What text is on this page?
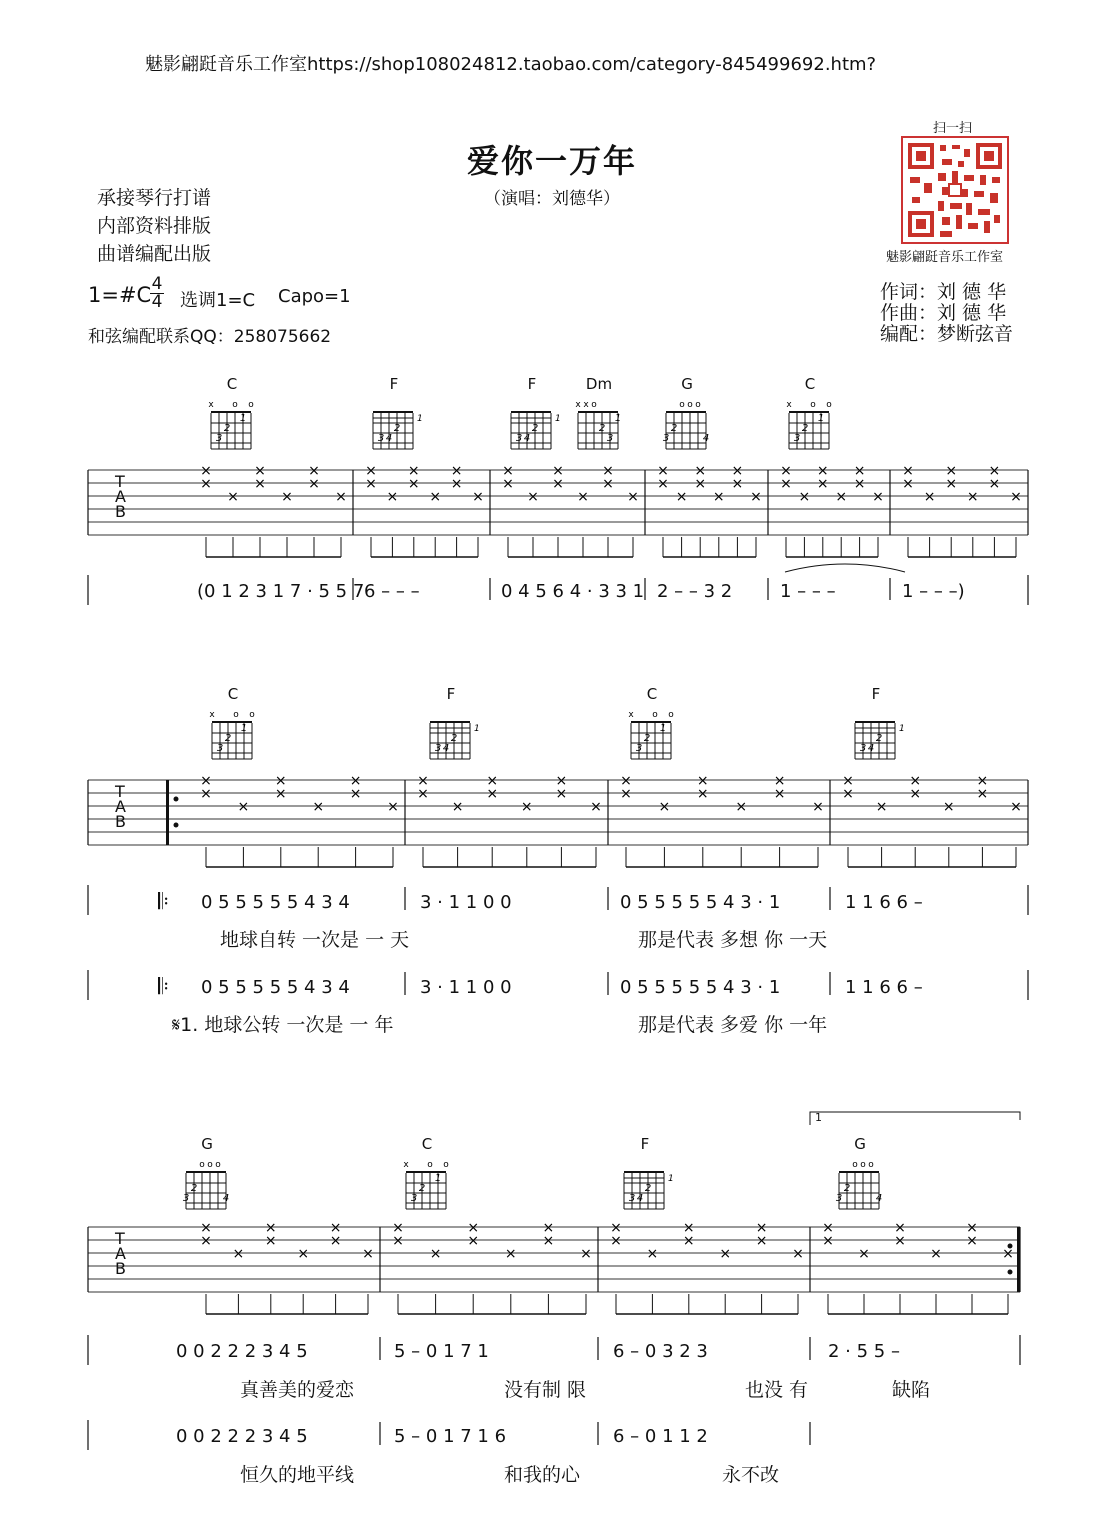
魅影翩跹音乐工作室https://shop108024812.taobao.com/category-845499692.htm?
爱你一万年
（演唱：刘德华）
承接琴行打谱
内部资料排版
曲谱编配出版
1=#C 4
4 选调1=C Capo=1
和弦编配联系QQ：258075662
扫一扫
魅影翩跹音乐工作室
作词：刘 德 华
作曲：刘 德 华
编配：梦断弦音
C
x o o
1
2
3
F
1
3 4
2
F
1
3 4
2
Dm
x x o
2
3
1
G
o o o
3
2
4
C
x o o
1
2
3
C
x o o
1
2
3
F
1
3 4
2
C
x o o
1
2
3
F
1
3 4
2
G
o o o
3
2
4
C
x o o
1
2
3
F
1
3 4
2
G
o o o
3
2
4
×
×
×
×
×
×
×
×
×
×
×
×
×
×
×
×
×
×
×
×
×
×
×
×
×
×
×
×
×
×
×
×
×
×
×
×
×
×
×
×
×
×
×
×
×
×
×
×
×
×
×
×
×
×
×
×
×
×
×
×
×
×
×
×
×
×
×
×
×
×
×
×
×
×
×
×
×
×
×
×
×
×
×
×
×
×
×
×
×
×
×
×
×
×
×
×
×
×
×
×
×
×
×
×
×
×
×
×
×
×
×
×
×
×
×
×
×
×
×
×
×
×
×
×
×
×
T
A
B
T
A
B
T
A
B
(0 1 2 3 1 7 · 5 5 7 6 – – –	0 4 5 6 4 · 3 3 1 2 – – 3 2	1 – – –	1 – – –)
𝄆 0 5 5 5 5 5 4 3 4	3 · 1 1 0 0	0 5 5 5 5 5 4 3 · 1	1 1 6 6 –
地球自转 一次是 一 天	那是代表 多想 你 一天
𝄆 0 5 5 5 5 5 4 3 4	3 · 1 1 0 0	0 5 5 5 5 5 4 3 · 1	1 1 6 6 –
𝄋1. 地球公转 一次是 一 年	那是代表 多爱 你 一年
1
0 0 2 2 2 3 4 5	5 – 0 1 7 1	6 – 0 3 2 3	2 · 5 5 –
真善美的爱恋	没有制 限	也没 有	缺陷
0 0 2 2 2 3 4 5	5 – 0 1 7 1 6	6 – 0 1 1 2
恒久的地平线	和我的心	永不改
